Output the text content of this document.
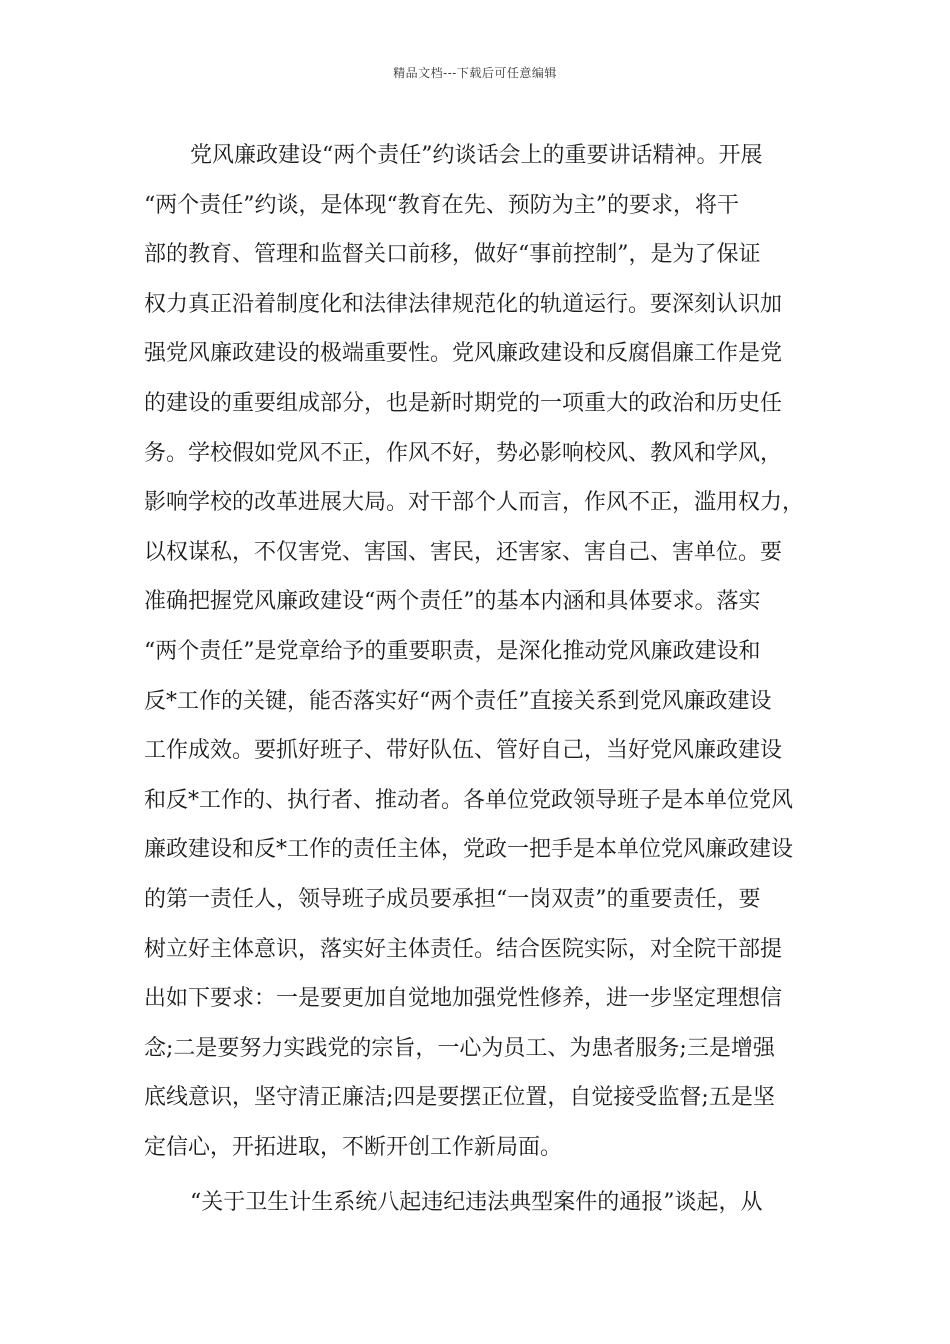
精品文档---下载后可任意编辑
党风廉政建设“两个责任”约谈话会上的重要讲话精神。开展
“两个责任”约谈，是体现“教育在先、预防为主”的要求，将干
部的教育、管理和监督关口前移，做好“事前控制”，是为了保证
权力真正沿着制度化和法律法律规范化的轨道运行。要深刻认识加
强党风廉政建设的极端重要性。党风廉政建设和反腐倡廉工作是党
的建设的重要组成部分，也是新时期党的一项重大的政治和历史任
务。学校假如党风不正，作风不好，势必影响校风、教风和学风，
影响学校的改革进展大局。对干部个人而言，作风不正，滥用权力，
以权谋私，不仅害党、害国、害民，还害家、害自己、害单位。要
准确把握党风廉政建设“两个责任”的基本内涵和具体要求。落实
“两个责任”是党章给予的重要职责，是深化推动党风廉政建设和
反*工作的关键，能否落实好“两个责任”直接关系到党风廉政建设
工作成效。要抓好班子、带好队伍、管好自己，当好党风廉政建设
和反*工作的、执行者、推动者。各单位党政领导班子是本单位党风
廉政建设和反*工作的责任主体，党政一把手是本单位党风廉政建设
的第一责任人，领导班子成员要承担“一岗双责”的重要责任，要
树立好主体意识，落实好主体责任。结合医院实际，对全院干部提
出如下要求：一是要更加自觉地加强党性修养，进一步坚定理想信
念;二是要努力实践党的宗旨，一心为员工、为患者服务;三是增强
底线意识，坚守清正廉洁;四是要摆正位置，自觉接受监督;五是坚
定信心，开拓进取，不断开创工作新局面。
“关于卫生计生系统八起违纪违法典型案件的通报”谈起，从
